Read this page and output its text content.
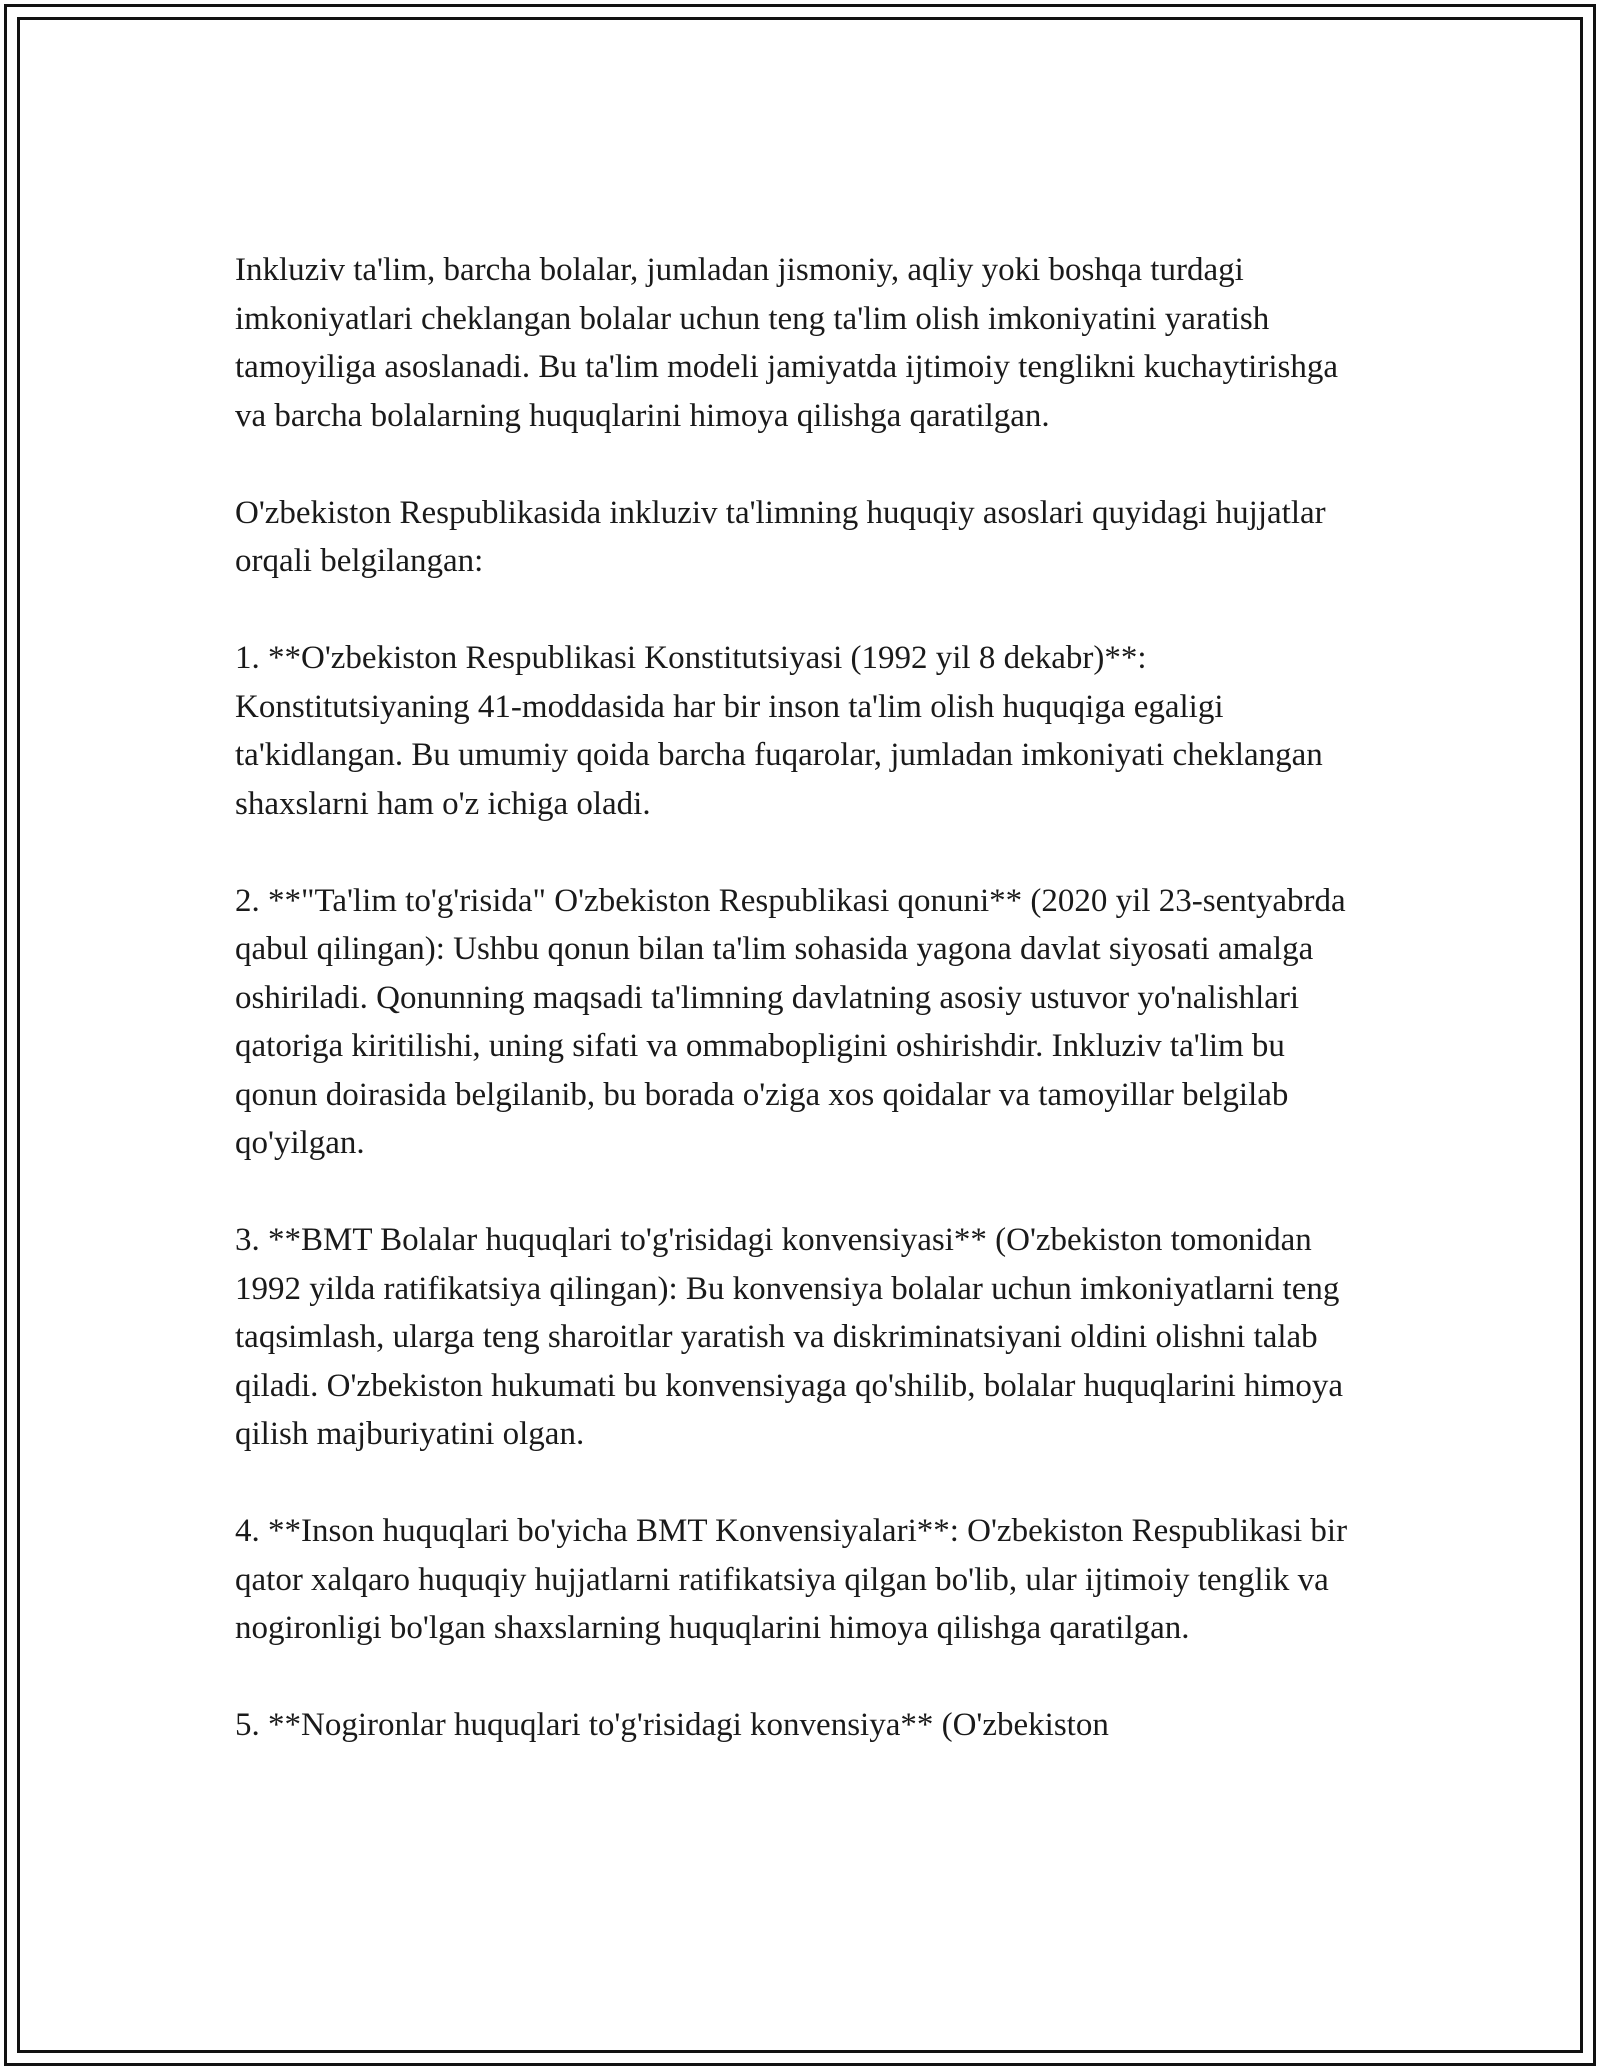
Inkluziv ta'lim, barcha bolalar, jumladan jismoniy, aqliy yoki boshqa turdagi imkoniyatlari cheklangan bolalar uchun teng ta'lim olish imkoniyatini yaratish tamoyiliga asoslanadi. Bu ta'lim modeli jamiyatda ijtimoiy tenglikni kuchaytirishga va barcha bolalarning huquqlarini himoya qilishga qaratilgan.

O'zbekiston Respublikasida inkluziv ta'limning huquqiy asoslari quyidagi hujjatlar orqali belgilangan:

1. **O'zbekiston Respublikasi Konstitutsiyasi (1992 yil 8 dekabr)**: Konstitutsiyaning 41-moddasida har bir inson ta'lim olish huquqiga egaligi ta'kidlangan. Bu umumiy qoida barcha fuqarolar, jumladan imkoniyati cheklangan shaxslarni ham o'z ichiga oladi.

2. **"Ta'lim to'g'risida" O'zbekiston Respublikasi qonuni** (2020 yil 23-sentyabrda qabul qilingan): Ushbu qonun bilan ta'lim sohasida yagona davlat siyosati amalga oshiriladi. Qonunning maqsadi ta'limning davlatning asosiy ustuvor yo'nalishlari qatoriga kiritilishi, uning sifati va ommabopligini oshirishdir. Inkluziv ta'lim bu qonun doirasida belgilanib, bu borada o'ziga xos qoidalar va tamoyillar belgilab qo'yilgan.

3. **BMT Bolalar huquqlari to'g'risidagi konvensiyasi** (O'zbekiston tomonidan 1992 yilda ratifikatsiya qilingan): Bu konvensiya bolalar uchun imkoniyatlarni teng taqsimlash, ularga teng sharoitlar yaratish va diskriminatsiyani oldini olishni talab qiladi. O'zbekiston hukumati bu konvensiyaga qo'shilib, bolalar huquqlarini himoya qilish majburiyatini olgan.

4. **Inson huquqlari bo'yicha BMT Konvensiyalari**: O'zbekiston Respublikasi bir qator xalqaro huquqiy hujjatlarni ratifikatsiya qilgan bo'lib, ular ijtimoiy tenglik va nogironligi bo'lgan shaxslarning huquqlarini himoya qilishga qaratilgan.

5. **Nogironlar huquqlari to'g'risidagi konvensiya** (O'zbekiston
